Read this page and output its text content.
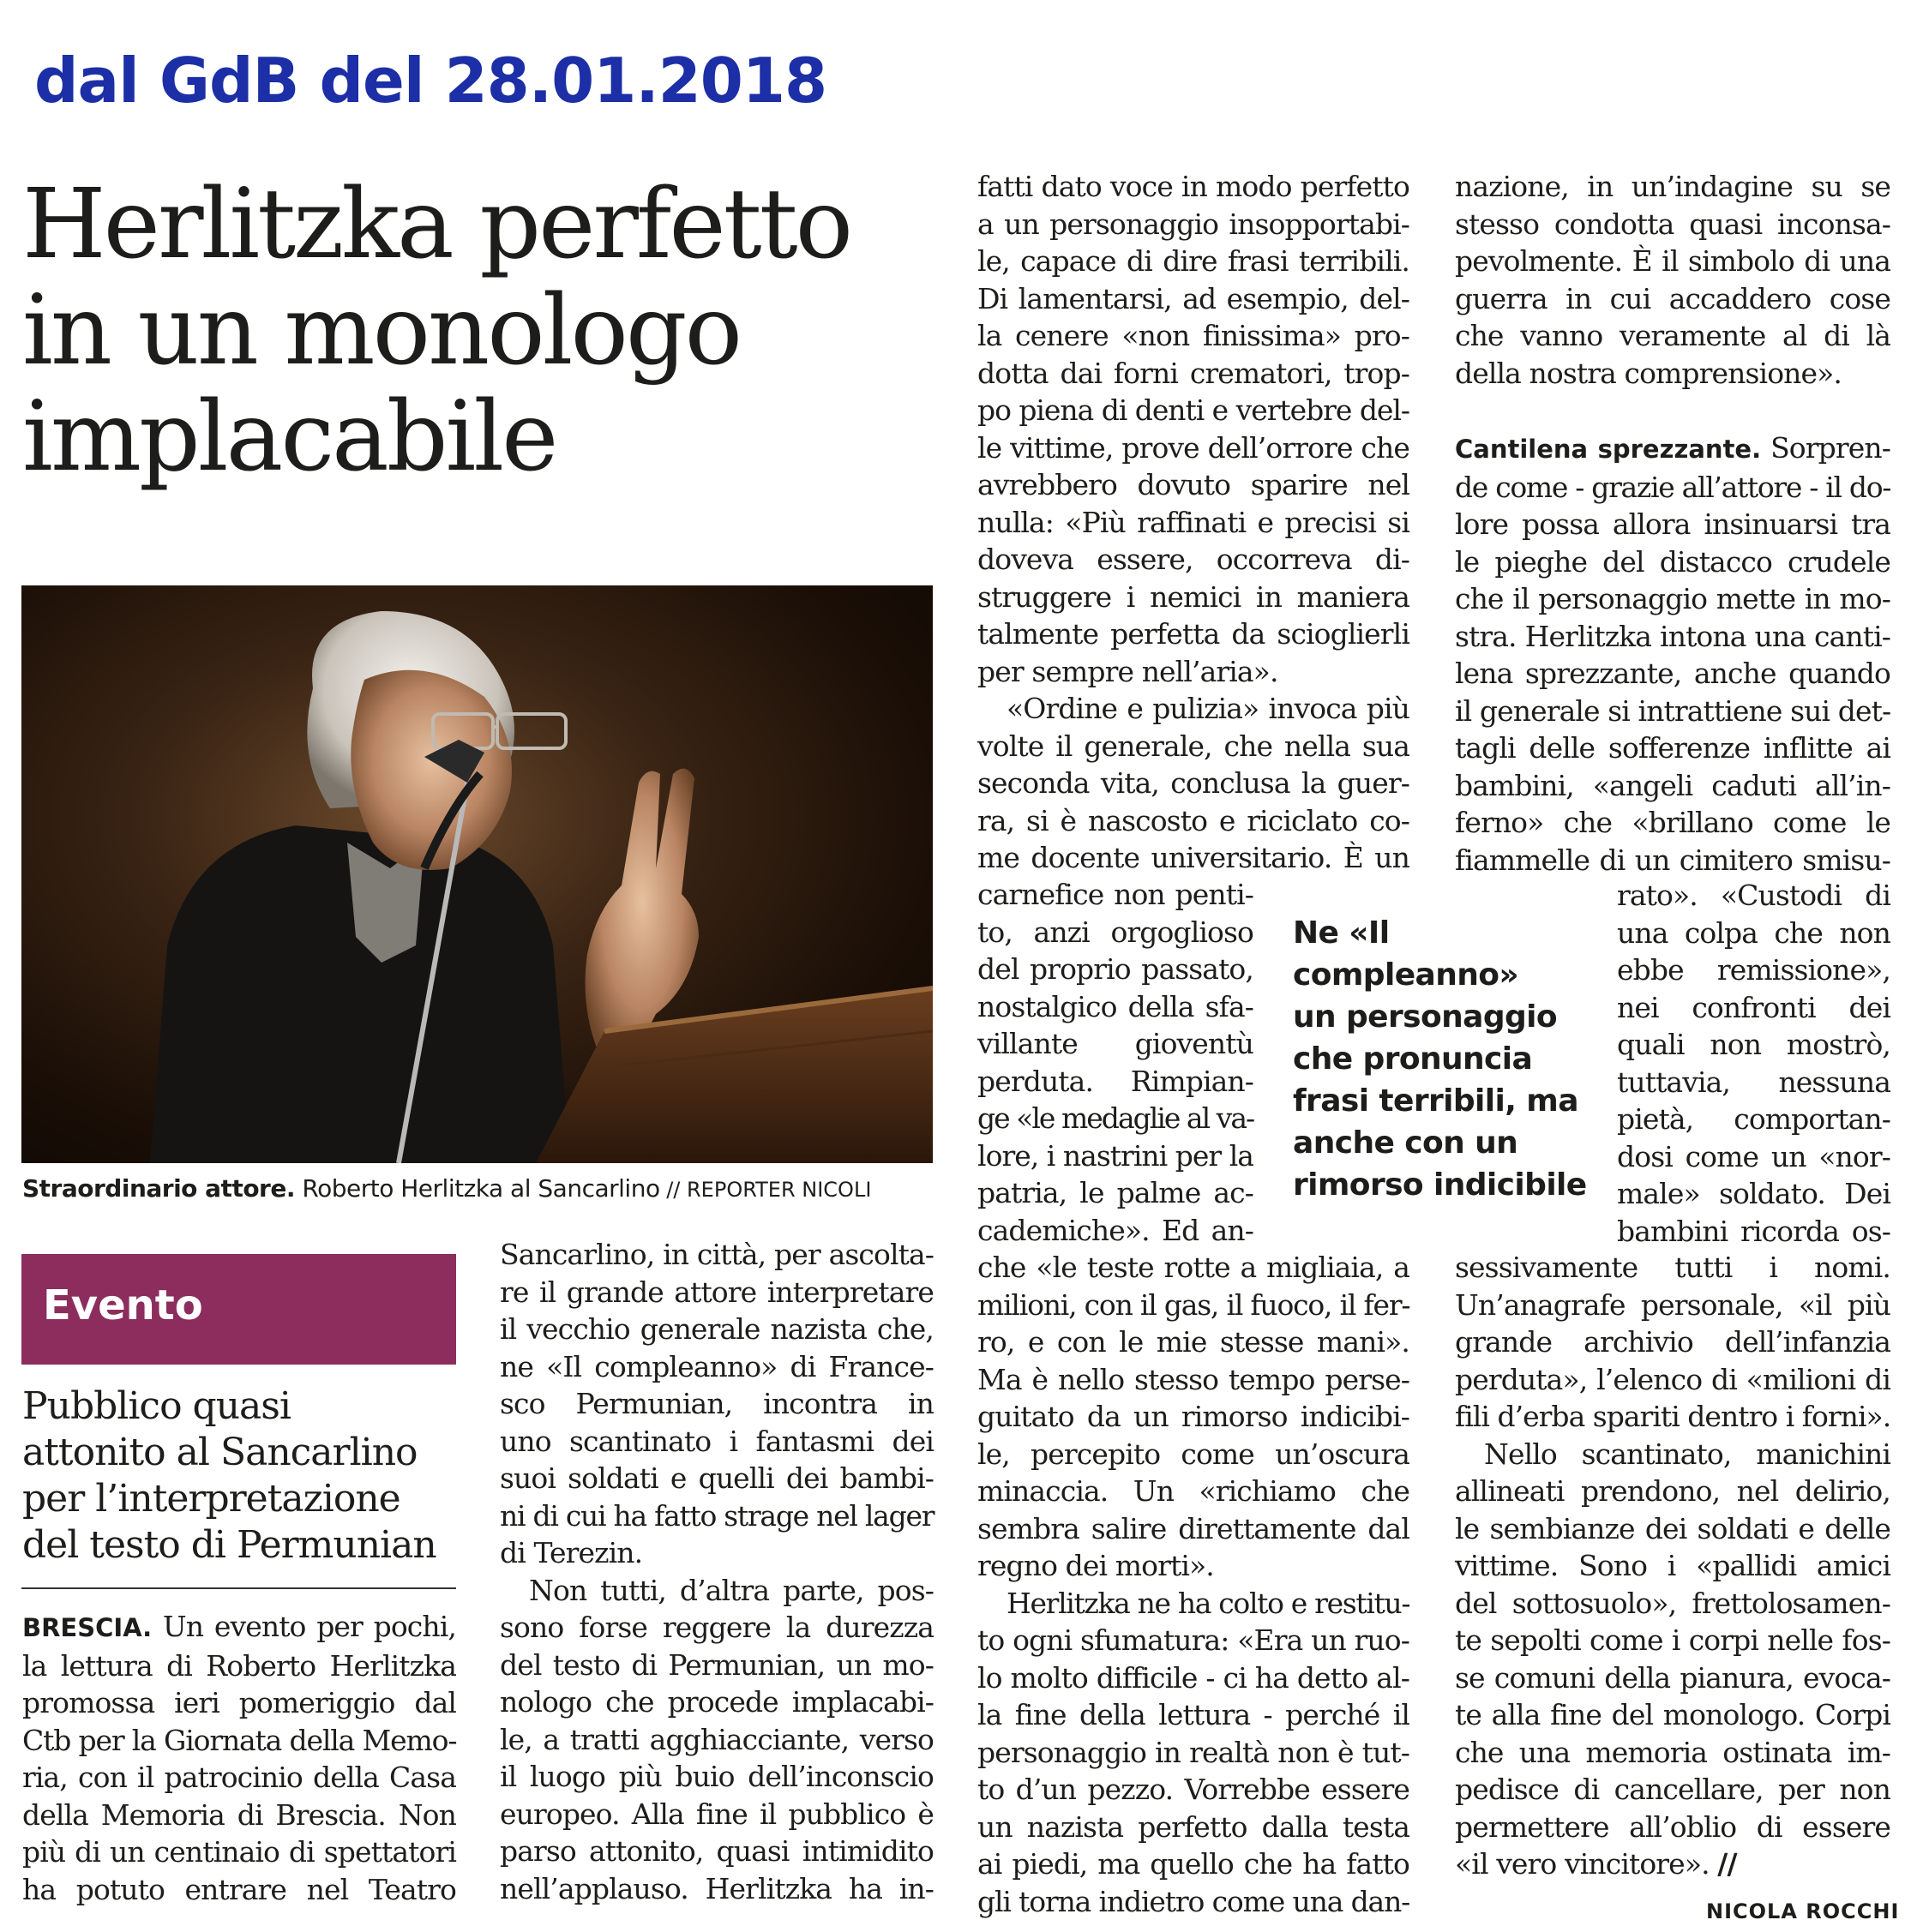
dal GdB del 28.01.2018
Herlitzka perfetto
in un monologo
implacabile
Straordinario attore. Roberto Herlitzka al Sancarlino // REPORTER NICOLI
Evento
Pubblico quasi
attonito al Sancarlino
per l’interpretazione
del testo di Permunian
BRESCIA. Un evento per pochi,
la lettura di Roberto Herlitzka
promossa ieri pomeriggio dal
Ctb per la Giornata della Memo-
ria, con il patrocinio della Casa
della Memoria di Brescia. Non
più di un centinaio di spettatori
ha potuto entrare nel Teatro
Sancarlino, in città, per ascolta-
re il grande attore interpretare
il vecchio generale nazista che,
ne «Il compleanno» di France-
sco Permunian, incontra in
uno scantinato i fantasmi dei
suoi soldati e quelli dei bambi-
ni di cui ha fatto strage nel lager
di Terezin.
Non tutti, d’altra parte, pos-
sono forse reggere la durezza
del testo di Permunian, un mo-
nologo che procede implacabi-
le, a tratti agghiacciante, verso
il luogo più buio dell’inconscio
europeo. Alla fine il pubblico è
parso attonito, quasi intimidito
nell’applauso. Herlitzka ha in-
fatti dato voce in modo perfetto
a un personaggio insopportabi-
le, capace di dire frasi terribili.
Di lamentarsi, ad esempio, del-
la cenere «non finissima» pro-
dotta dai forni crematori, trop-
po piena di denti e vertebre del-
le vittime, prove dell’orrore che
avrebbero dovuto sparire nel
nulla: «Più raffinati e precisi si
doveva essere, occorreva di-
struggere i nemici in maniera
talmente perfetta da scioglierli
per sempre nell’aria».
«Ordine e pulizia» invoca più
volte il generale, che nella sua
seconda vita, conclusa la guer-
ra, si è nascosto e riciclato co-
me docente universitario. È un
carnefice non penti-
to, anzi orgoglioso
del proprio passato,
nostalgico della sfa-
villante gioventù
perduta. Rimpian-
ge «le medaglie al va-
lore, i nastrini per la
patria, le palme ac-
cademiche». Ed an-
che «le teste rotte a migliaia, a
milioni, con il gas, il fuoco, il fer-
ro, e con le mie stesse mani».
Ma è nello stesso tempo perse-
guitato da un rimorso indicibi-
le, percepito come un’oscura
minaccia. Un «richiamo che
sembra salire direttamente dal
regno dei morti».
Herlitzka ne ha colto e restitu-
to ogni sfumatura: «Era un ruo-
lo molto difficile - ci ha detto al-
la fine della lettura - perché il
personaggio in realtà non è tut-
to d’un pezzo. Vorrebbe essere
un nazista perfetto dalla testa
ai piedi, ma quello che ha fatto
gli torna indietro come una dan-
Ne «Il
compleanno»
un personaggio
che pronuncia
frasi terribili, ma
anche con un
rimorso indicibile
nazione, in un’indagine su se
stesso condotta quasi inconsa-
pevolmente. È il simbolo di una
guerra in cui accaddero cose
che vanno veramente al di là
della nostra comprensione».
Cantilena sprezzante. Sorpren-
de come - grazie all’attore - il do-
lore possa allora insinuarsi tra
le pieghe del distacco crudele
che il personaggio mette in mo-
stra. Herlitzka intona una canti-
lena sprezzante, anche quando
il generale si intrattiene sui det-
tagli delle sofferenze inflitte ai
bambini, «angeli caduti all’in-
ferno» che «brillano come le
fiammelle di un cimitero smisu-
rato». «Custodi di
una colpa che non
ebbe remissione»,
nei confronti dei
quali non mostrò,
tuttavia, nessuna
pietà, comportan-
dosi come un «nor-
male» soldato. Dei
bambini ricorda os-
sessivamente tutti i nomi.
Un’anagrafe personale, «il più
grande archivio dell’infanzia
perduta», l’elenco di «milioni di
fili d’erba spariti dentro i forni».
Nello scantinato, manichini
allineati prendono, nel delirio,
le sembianze dei soldati e delle
vittime. Sono i «pallidi amici
del sottosuolo», frettolosamen-
te sepolti come i corpi nelle fos-
se comuni della pianura, evoca-
te alla fine del monologo. Corpi
che una memoria ostinata im-
pedisce di cancellare, per non
permettere all’oblio di essere
«il vero vincitore». //
NICOLA ROCCHI
